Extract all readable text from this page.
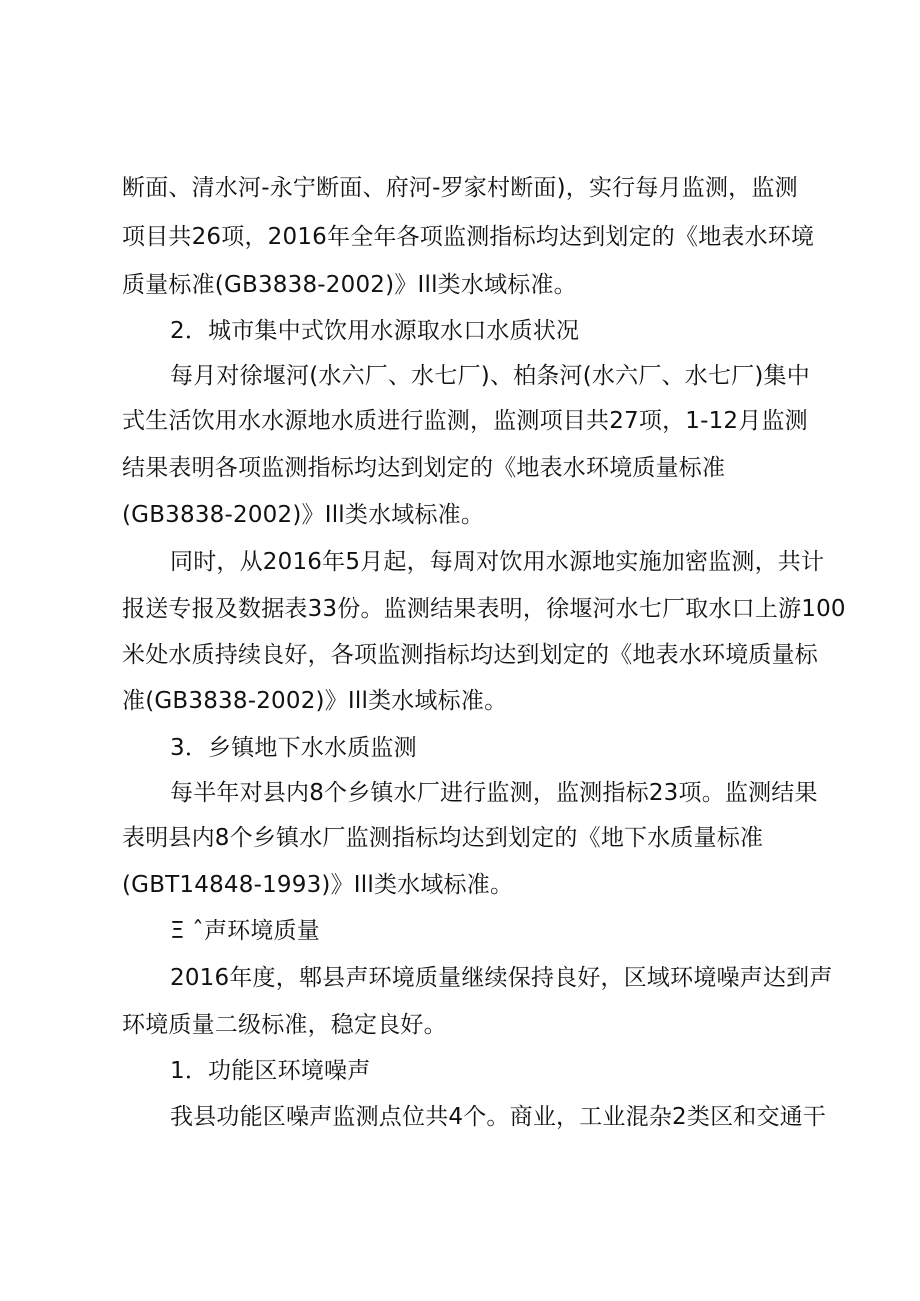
断面、清水河-永宁断面、府河-罗家村断面)，实行每月监测，监测
项目共26项，2016年全年各项监测指标均达到划定的《地表水环境
质量标准(GB3838-2002)》Ill类水域标准。
2．城市集中式饮用水源取水口水质状况
每月对徐堰河(水六厂、水七厂)、柏条河(水六厂、水七厂)集中
式生活饮用水水源地水质进行监测，监测项目共27项，1-12月监测
结果表明各项监测指标均达到划定的《地表水环境质量标准
(GB3838-2002)》Ill类水域标准。
同时，从2016年5月起，每周对饮用水源地实施加密监测，共计
报送专报及数据表33份。监测结果表明，徐堰河水七厂取水口上游100
米处水质持续良好，各项监测指标均达到划定的《地表水环境质量标
准(GB3838-2002)》Ill类水域标准。
3．乡镇地下水水质监测
每半年对县内8个乡镇水厂进行监测，监测指标23项。监测结果
表明县内8个乡镇水厂监测指标均达到划定的《地下水质量标准
(GBT14848-1993)》Ill类水域标准。
Ξ ˆ声环境质量
2016年度，郫县声环境质量继续保持良好，区域环境噪声达到声
环境质量二级标准，稳定良好。
1．功能区环境噪声
我县功能区噪声监测点位共4个。商业，工业混杂2类区和交通干
